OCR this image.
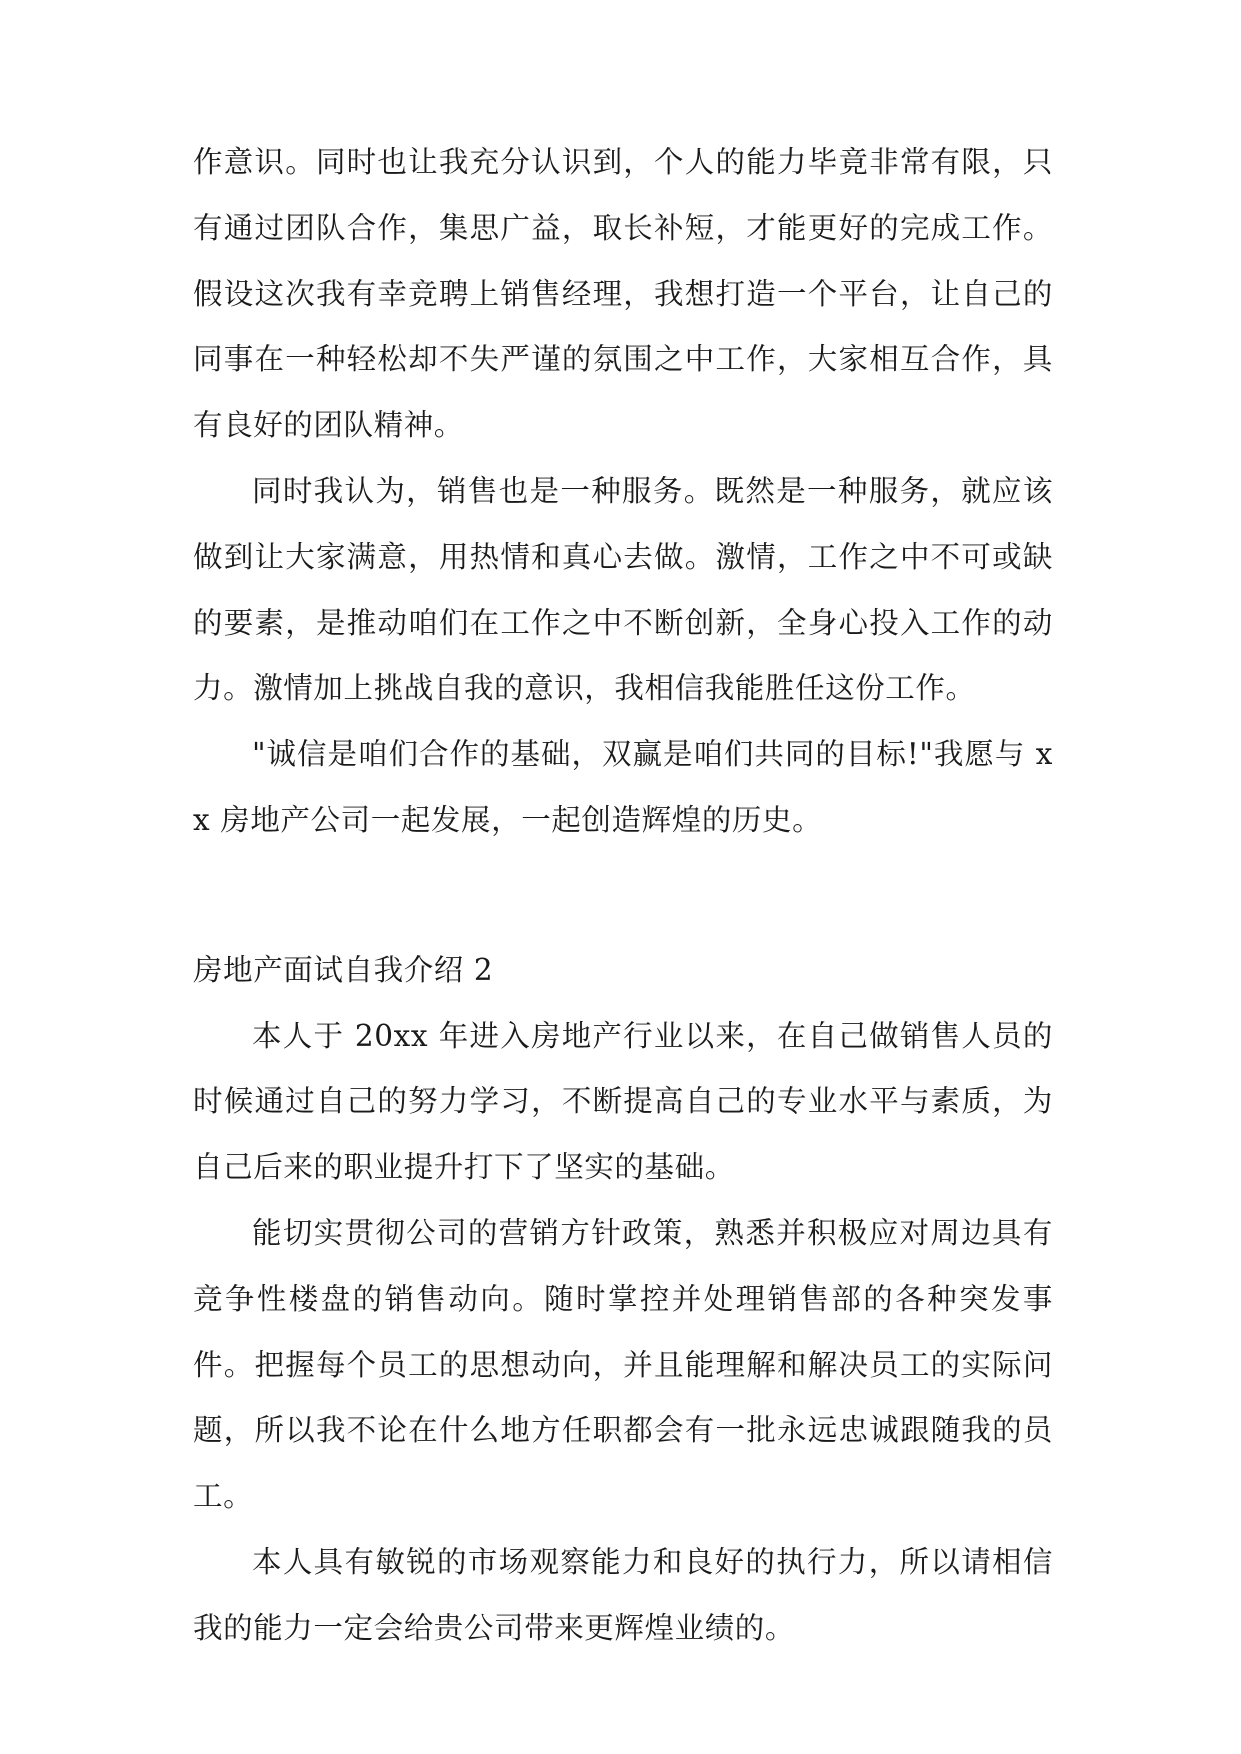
作意识。同时也让我充分认识到，个人的能力毕竟非常有限，只有通过团队合作，集思广益，取长补短，才能更好的完成工作。假设这次我有幸竞聘上销售经理，我想打造一个平台，让自己的同事在一种轻松却不失严谨的氛围之中工作，大家相互合作，具有良好的团队精神。

同时我认为，销售也是一种服务。既然是一种服务，就应该做到让大家满意，用热情和真心去做。激情，工作之中不可或缺的要素，是推动咱们在工作之中不断创新，全身心投入工作的动力。激情加上挑战自我的意识，我相信我能胜任这份工作。

"诚信是咱们合作的基础，双赢是咱们共同的目标!"我愿与 xx 房地产公司一起发展，一起创造辉煌的历史。

房地产面试自我介绍 2

本人于 20xx 年进入房地产行业以来，在自己做销售人员的时候通过自己的努力学习，不断提高自己的专业水平与素质，为自己后来的职业提升打下了坚实的基础。

能切实贯彻公司的营销方针政策，熟悉并积极应对周边具有竞争性楼盘的销售动向。随时掌控并处理销售部的各种突发事件。把握每个员工的思想动向，并且能理解和解决员工的实际问题，所以我不论在什么地方任职都会有一批永远忠诚跟随我的员工。

本人具有敏锐的市场观察能力和良好的执行力，所以请相信我的能力一定会给贵公司带来更辉煌业绩的。
